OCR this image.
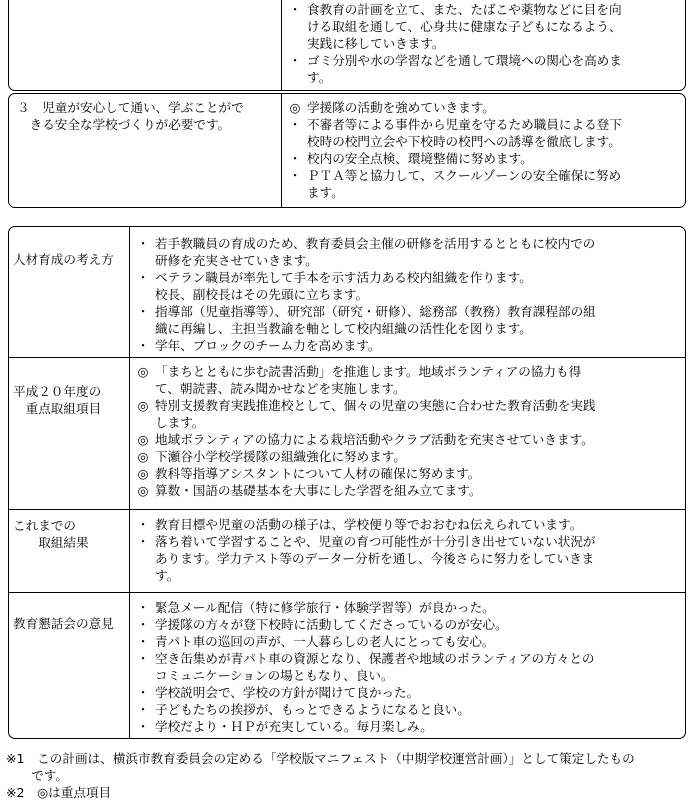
・ 食教育の計画を立て、また、たばこや薬物などに目を向
ける取組を通して、心身共に健康な子どもになるよう、
実践に移していきます。
・ ゴミ分別や水の学習などを通して環境への関心を高めま
す。
３　児童が安心して通い、学ぶことがで
　きる安全な学校づくりが必要です。
◎ 学援隊の活動を強めていきます。
・ 不審者等による事件から児童を守るため職員による登下
校時の校門立会や下校時の校門への誘導を徹底します。
・ 校内の安全点検、環境整備に努めます。
・ ＰＴＡ等と協力して、スクールゾーンの安全確保に努め
ます。
人材育成の考え方
・ 若手教職員の育成のため、教育委員会主催の研修を活用するとともに校内での
研修を充実させていきます。
・ ベテラン職員が率先して手本を示す活力ある校内組織を作ります。
校長、副校長はその先頭に立ちます。
・ 指導部（児童指導等）、研究部（研究・研修）、総務部（教務）教育課程部の組
織に再編し、主担当教諭を軸として校内組織の活性化を図ります。
・ 学年、ブロックのチーム力を高めます。
平成２０年度の
　重点取組項目
◎ 「まちとともに歩む読書活動」を推進します。地域ボランティアの協力も得
て、朝読書、読み聞かせなどを実施します。
◎ 特別支援教育実践推進校として、個々の児童の実態に合わせた教育活動を実践
します。
◎ 地域ボランティアの協力による栽培活動やクラブ活動を充実させていきます。
◎ 下瀬谷小学校学援隊の組織強化に努めます。
◎ 教科等指導アシスタントについて人材の確保に努めます。
◎ 算数・国語の基礎基本を大事にした学習を組み立てます。
これまでの
　　取組結果
・ 教育目標や児童の活動の様子は、学校便り等でおおむね伝えられています。
・ 落ち着いて学習することや、児童の育つ可能性が十分引き出せていない状況が
あります。学力テスト等のデーター分析を通し、今後さらに努力をしていきま
す。
教育懇話会の意見
・ 緊急メール配信（特に修学旅行・体験学習等）が良かった。
・ 学援隊の方々が登下校時に活動してくださっているのが安心。
・ 青パト車の巡回の声が、一人暮らしの老人にとっても安心。
・ 空き缶集めが青パト車の資源となり、保護者や地域のボランティアの方々との
コミュニケーションの場ともなり、良い。
・ 学校説明会で、学校の方針が聞けて良かった。
・ 子どもたちの挨拶が、もっとできるようになると良い。
・ 学校だより・ＨＰが充実している。毎月楽しみ。
※1　この計画は、横浜市教育委員会の定める「学校版マニフェスト（中期学校運営計画）」として策定したもの
　　です。
※2　◎は重点項目
